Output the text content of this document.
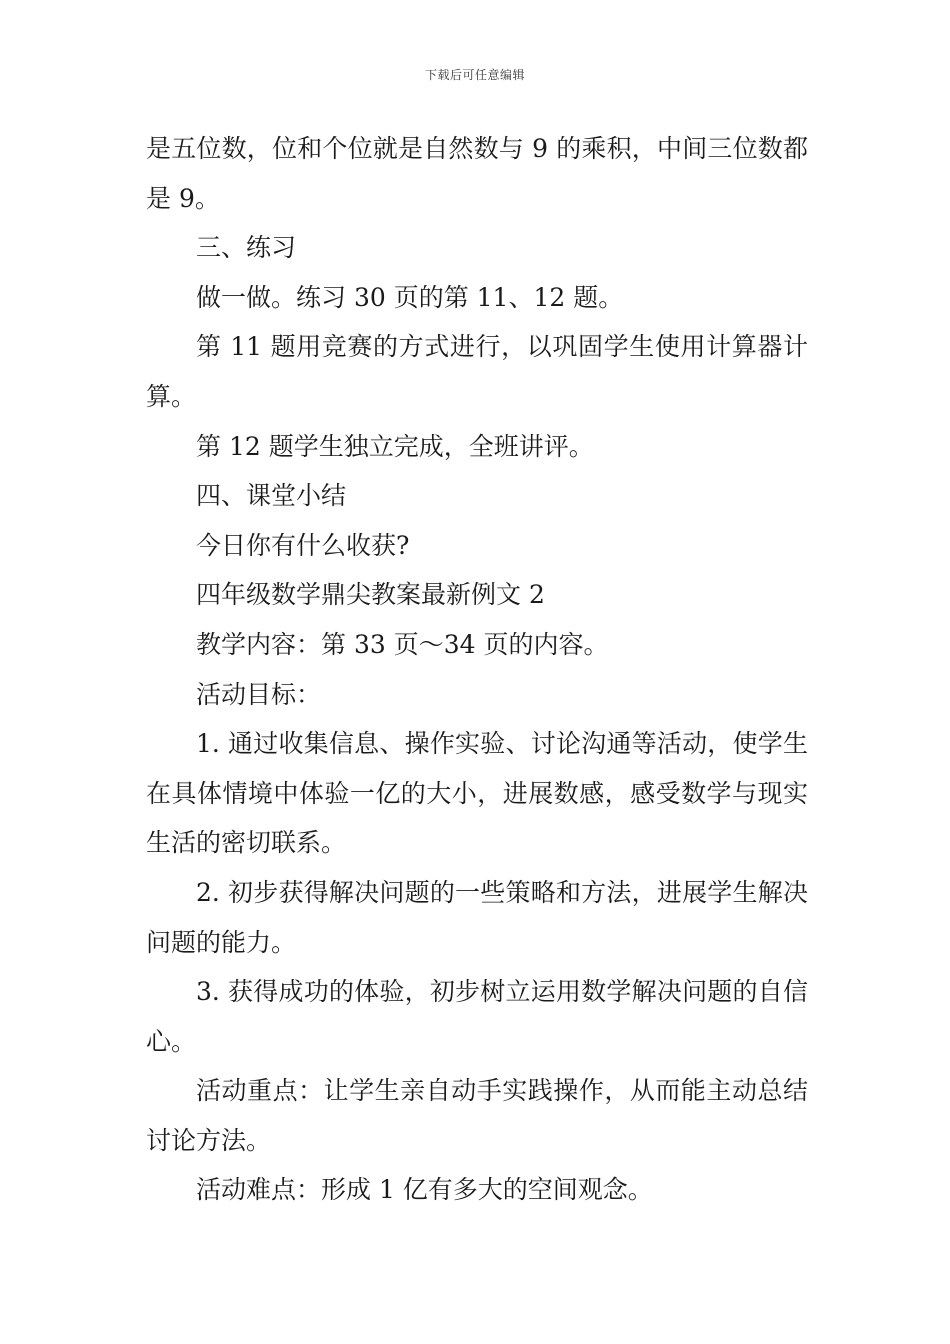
下载后可任意编辑

是五位数，位和个位就是自然数与 9 的乘积，中间三位数都是 9。

三、练习

做一做。练习 30 页的第 11、12 题。

第 11 题用竞赛的方式进行，以巩固学生使用计算器计算。

第 12 题学生独立完成，全班讲评。

四、课堂小结

今日你有什么收获?

四年级数学鼎尖教案最新例文 2

教学内容：第 33 页～34 页的内容。

活动目标：

1. 通过收集信息、操作实验、讨论沟通等活动，使学生在具体情境中体验一亿的大小，进展数感，感受数学与现实生活的密切联系。

2. 初步获得解决问题的一些策略和方法，进展学生解决问题的能力。

3. 获得成功的体验，初步树立运用数学解决问题的自信心。

活动重点：让学生亲自动手实践操作，从而能主动总结讨论方法。

活动难点：形成 1 亿有多大的空间观念。
